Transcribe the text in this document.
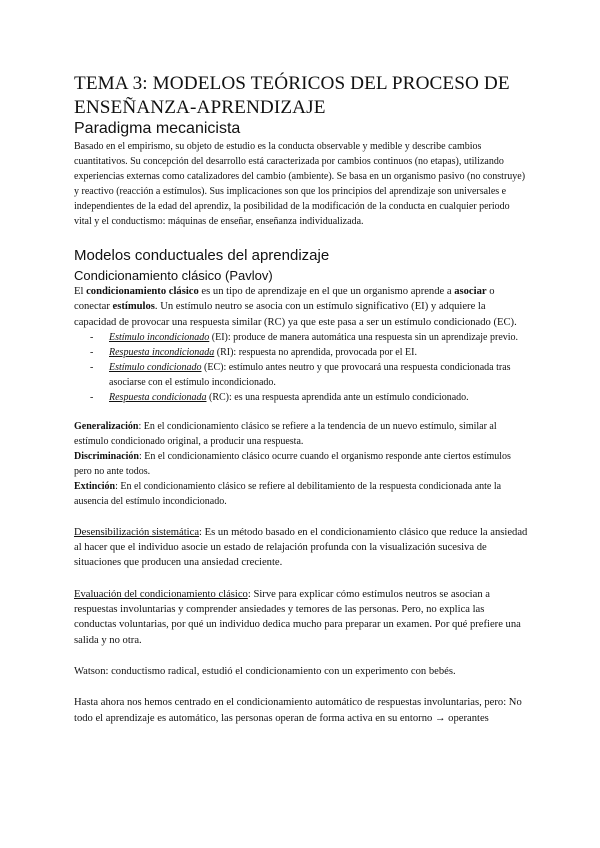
TEMA 3: MODELOS TEÓRICOS DEL PROCESO DE ENSEÑANZA-APRENDIZAJE
Paradigma mecanicista

Basado en el empirismo, su objeto de estudio es la conducta observable y medible y describe cambios cuantitativos. Su concepción del desarrollo está caracterizada por cambios continuos (no etapas), utilizando experiencias externas como catalizadores del cambio (ambiente). Se basa en un organismo pasivo (no construye) y reactivo (reacción a estímulos). Sus implicaciones son que los principios del aprendizaje son universales e independientes de la edad del aprendiz, la posibilidad de la modificación de la conducta en cualquier periodo vital y el conductismo: máquinas de enseñar, enseñanza individualizada.

Modelos conductuales del aprendizaje
Condicionamiento clásico (Pavlov)

El condicionamiento clásico es un tipo de aprendizaje en el que un organismo aprende a asociar o conectar estímulos. Un estímulo neutro se asocia con un estímulo significativo (EI) y adquiere la capacidad de provocar una respuesta similar (RC) ya que este pasa a ser un estímulo condicionado (EC).

- Estímulo incondicionado (EI): produce de manera automática una respuesta sin un aprendizaje previo.
- Respuesta incondicionada (RI): respuesta no aprendida, provocada por el EI.
- Estímulo condicionado (EC): estímulo antes neutro y que provocará una respuesta condicionada tras asociarse con el estímulo incondicionado.
- Respuesta condicionada (RC): es una respuesta aprendida ante un estímulo condicionado.

Generalización: En el condicionamiento clásico se refiere a la tendencia de un nuevo estímulo, similar al estímulo condicionado original, a producir una respuesta.

Discriminación: En el condicionamiento clásico ocurre cuando el organismo responde ante ciertos estímulos pero no ante todos.

Extinción: En el condicionamiento clásico se refiere al debilitamiento de la respuesta condicionada ante la ausencia del estímulo incondicionado.

Desensibilización sistemática: Es un método basado en el condicionamiento clásico que reduce la ansiedad al hacer que el individuo asocie un estado de relajación profunda con la visualización sucesiva de situaciones que producen una ansiedad creciente.

Evaluación del condicionamiento clásico: Sirve para explicar cómo estímulos neutros se asocian a respuestas involuntarias y comprender ansiedades y temores de las personas. Pero, no explica las conductas voluntarias, por qué un individuo dedica mucho para preparar un examen. Por qué prefiere una salida y no otra.

Watson: conductismo radical, estudió el condicionamiento con un experimento con bebés.

Hasta ahora nos hemos centrado en el condicionamiento automático de respuestas involuntarias, pero: No todo el aprendizaje es automático, las personas operan de forma activa en su entorno → operantes
